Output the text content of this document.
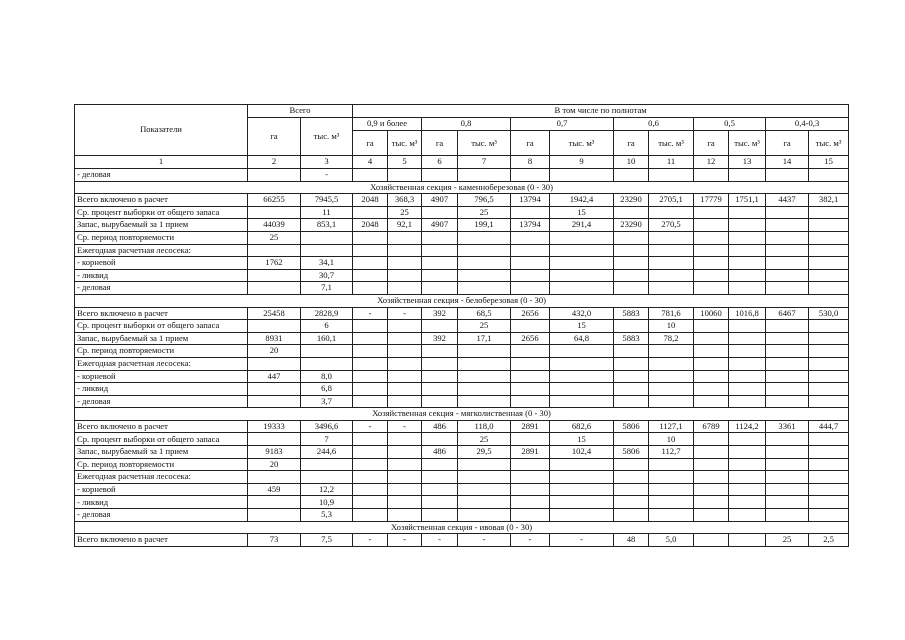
Показатели	Всего		В том числе по полнотам											
	га	тыс. м³	0,9 и более		0,8		0,7		0,6		0,5		0,4-0,3	
			га	тыс. м³	га	тыс. м³	га	тыс. м³	га	тыс. м³	га	тыс. м³	га	тыс. м³
1	2	3	4	5	6	7	8	9	10	11	12	13	14	15
- деловая		-												
Хозяйственная секция - каменноберезовая (0 - 30)														
Всего включено в расчет	66255	7945,5	2048	368,3	4907	796,5	13794	1942,4	23290	2705,1	17779	1751,1	4437	382,1
Ср. процент выборки от общего запаса		11		25		25		15						
Запас, вырубаемый за 1 прием	44039	853,1	2048	92,1	4907	199,1	13794	291,4	23290	270,5				
Ср. период повторяемости	25													
Ежегодная расчетная лесосека:														
- корневой	1762	34,1												
- ликвид		30,7												
- деловая		7,1												
Хозяйственная секция - белоберезовая (0 - 30)														
Всего включено в расчет	25458	2828,9	-	-	392	68,5	2656	432,0	5883	781,6	10060	1016,8	6467	530,0
Ср. процент выборки от общего запаса		6				25		15		10				
Запас, вырубаемый за 1 прием	8931	160,1			392	17,1	2656	64,8	5883	78,2				
Ср. период повторяемости	20													
Ежегодная расчетная лесосека:														
- корневой	447	8,0												
- ликвид		6,8												
- деловая		3,7												
Хозяйственная секция - мягколиственная (0 - 30)														
Всего включено в расчет	19333	3496,6	-	-	486	118,0	2891	682,6	5806	1127,1	6789	1124,2	3361	444,7
Ср. процент выборки от общего запаса		7				25		15		10				
Запас, вырубаемый за 1 прием	9183	244,6			486	29,5	2891	102,4	5806	112,7				
Ср. период повторяемости	20													
Ежегодная расчетная лесосека:														
- корневой	459	12,2												
- ликвид		10,9												
- деловая		5,3												
Хозяйственная секция - ивовая (0 - 30)														
Всего включено в расчет	73	7,5	-	-	-	-	-	-	48	5,0			25	2,5
